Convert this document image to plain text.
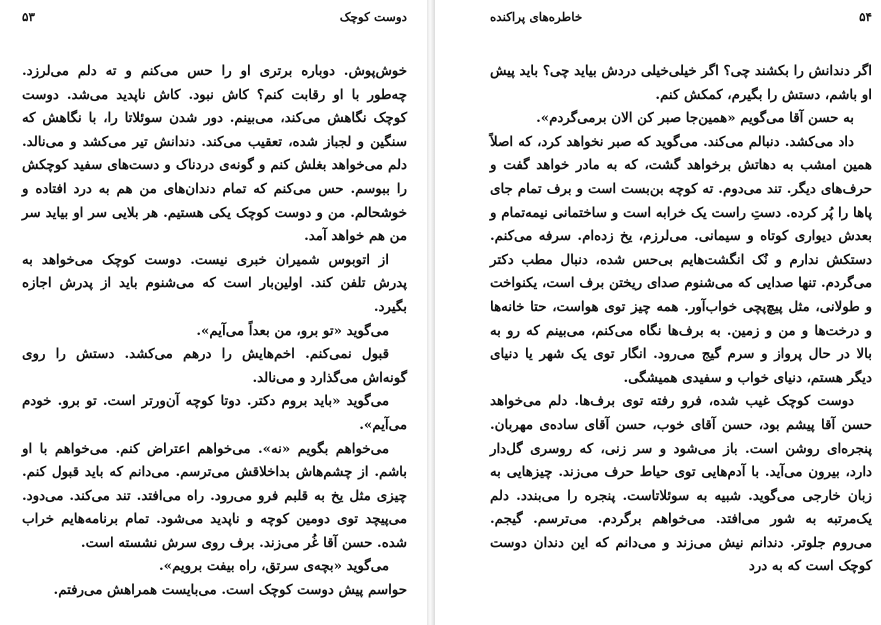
دوست کوچک
۵۳

خوش‌پوش. دوباره برتری او را حس می‌کنم و ته دلم می‌لرزد. چه‌طور با او رقابت کنم؟ کاش نبود. کاش ناپدید می‌شد. دوست کوچک نگاهش می‌کند، می‌بینم. دور شدن سوئلاتا را، با نگاهش که سنگین و لجباز شده، تعقیب می‌کند. دندانش تیر می‌کشد و می‌نالد. دلم می‌خواهد بغلش کنم و گونه‌ی دردناک و دست‌های سفید کوچکش را ببوسم. حس می‌کنم که تمام دندان‌های من هم به درد افتاده و خوشحالم. من و دوست کوچک یکی هستیم. هر بلایی سر او بیاید سر من هم خواهد آمد.

از اتوبوس شمیران خبری نیست. دوست کوچک می‌خواهد به پدرش تلفن کند. اولین‌بار است که می‌شنوم باید از پدرش اجازه بگیرد.

می‌گوید «تو برو، من بعداً می‌آیم».

قبول نمی‌کنم. اخم‌هایش را درهم می‌کشد. دستش را روی گونه‌اش می‌گذارد و می‌نالد.

می‌گوید «باید بروم دکتر. دوتا کوچه آن‌ورتر است. تو برو. خودم می‌آیم».

می‌خواهم بگویم «نه». می‌خواهم اعتراض کنم. می‌خواهم با او باشم. از چشم‌هاش بداخلاقش می‌ترسم. می‌دانم که باید قبول کنم. چیزی مثل یخ به قلبم فرو می‌رود. راه می‌افتد. تند می‌کند. می‌دود. می‌پیچد توی دومین کوچه و ناپدید می‌شود. تمام برنامه‌هایم خراب شده. حسن آقا غُر می‌زند. برف روی سرش نشسته است.

می‌گوید «بچه‌ی سرتق، راه بیفت برویم».

حواسم پیش دوست کوچک است. می‌بایست همراهش می‌رفتم.

۵۴
خاطره‌های پراکنده

اگر دندانش را بکشند چی؟ اگر خیلی‌خیلی دردش بیاید چی؟ باید پیش او باشم، دستش را بگیرم، کمکش کنم.

به حسن آقا می‌گویم «همین‌جا صبر کن الان برمی‌گردم».

داد می‌کشد. دنبالم می‌کند. می‌گوید که صبر نخواهد کرد، که اصلاً همین امشب به دهاتش برخواهد گشت، که به مادر خواهد گفت و حرف‌های دیگر. تند می‌دوم. ته کوچه بن‌بست است و برف تمام جای پاها را پُر کرده. دستِ راست یک خرابه است و ساختمانی نیمه‌تمام و بعدش دیواری کوتاه و سیمانی. می‌لرزم، یخ زده‌ام. سرفه می‌کنم. دستکش ندارم و نُک انگشت‌هایم بی‌حس شده، دنبال مطب دکتر می‌گردم. تنها صدایی که می‌شنوم صدای ریختن برف است، یکنواخت و طولانی، مثل پیچ‌پچی خواب‌آور. همه چیز توی هواست، حتا خانه‌ها و درخت‌ها و من و زمین. به برف‌ها نگاه می‌کنم، می‌بینم که رو به بالا در حال پرواز و سرم گیج می‌رود. انگار توی یک شهر یا دنیای دیگر هستم، دنیای خواب و سفیدی همیشگی.

دوست کوچک غیب شده، فرو رفته توی برف‌ها. دلم می‌خواهد حسن آقا پیشم بود، حسن آقای خوب، حسن آقای ساده‌ی مهربان. پنجره‌ای روشن است. باز می‌شود و سر زنی، که روسری گل‌دار دارد، بیرون می‌آید. با آدم‌هایی توی حیاط حرف می‌زند. چیزهایی به زبان خارجی می‌گوید. شبیه به سوئلاتاست. پنجره را می‌بندد. دلم یک‌مرتبه به شور می‌افتد. می‌خواهم برگردم. می‌ترسم. گیجم. می‌روم جلوتر. دندانم نیش می‌زند و می‌دانم که این دندان دوست کوچک است که به درد
